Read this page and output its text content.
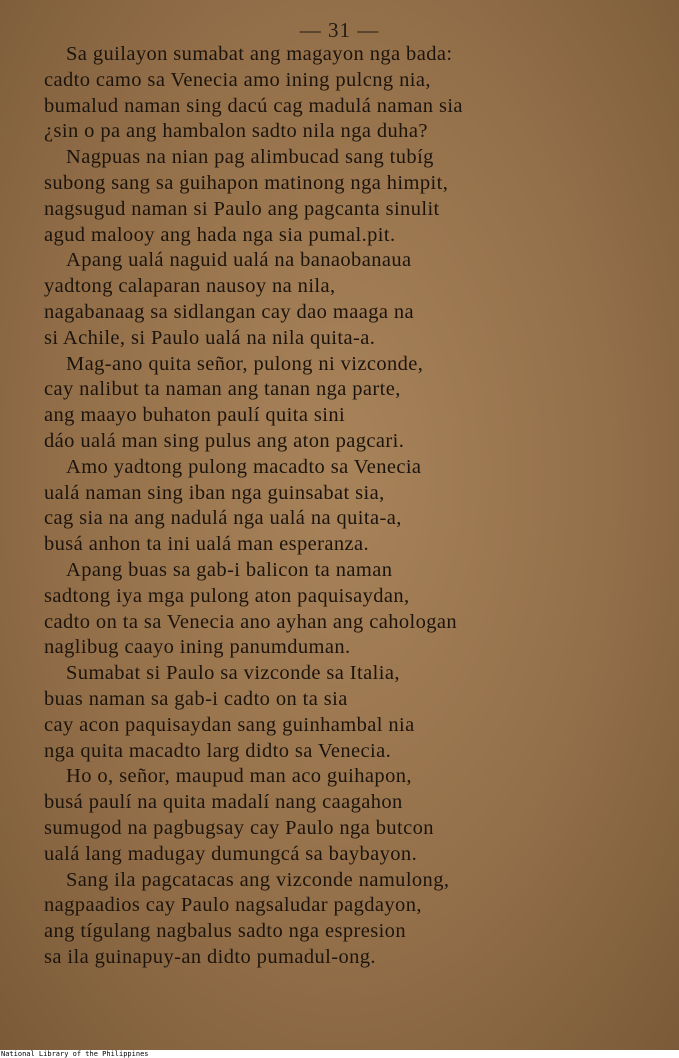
— 31 —
Sa guilayon sumabat ang magayon nga bada:
cadto camo sa Venecia amo ining pulcng nia,
bumalud naman sing dacú cag madulá naman sia
¿sin o pa ang hambalon sadto nila nga duha?
Nagpuas na nian pag alimbucad sang tubíg
subong sang sa guihapon matinong nga himpit,
nagsugud naman si Paulo ang pagcanta sinulit
agud malooy ang hada nga sia pumal.pit.
Apang ualá naguid ualá na banaobanaua
yadtong calaparan nausoy na nila,
nagabanaag sa sidlangan cay dao maaga na
si Achile, si Paulo ualá na nila quita-a.
Mag-ano quita señor, pulong ni vizconde,
cay nalibut ta naman ang tanan nga parte,
ang maayo buhaton paulí quita sini
dáo ualá man sing pulus ang aton pagcari.
Amo yadtong pulong macadto sa Venecia
ualá naman sing iban nga guinsabat sia,
cag sia na ang nadulá nga ualá na quita-a,
busá anhon ta ini ualá man esperanza.
Apang buas sa gab-i balicon ta naman
sadtong iya mga pulong aton paquisaydan,
cadto on ta sa Venecia ano ayhan ang cahologan
naglibug caayo ining panumduman.
Sumabat si Paulo sa vizconde sa Italia,
buas naman sa gab-i cadto on ta sia
cay acon paquisaydan sang guinhambal nia
nga quita macadto larg didto sa Venecia.
Ho o, señor, maupud man aco guihapon,
busá paulí na quita madalí nang caagahon
sumugod na pagbugsay cay Paulo nga butcon
ualá lang madugay dumungcá sa baybayon.
Sang ila pagcatacas ang vizconde namulong,
nagpaadios cay Paulo nagsaludar pagdayon,
ang tígulang nagbalus sadto nga espresion
sa ila guinapuy-an didto pumadul-ong.
National Library of the Philippines
